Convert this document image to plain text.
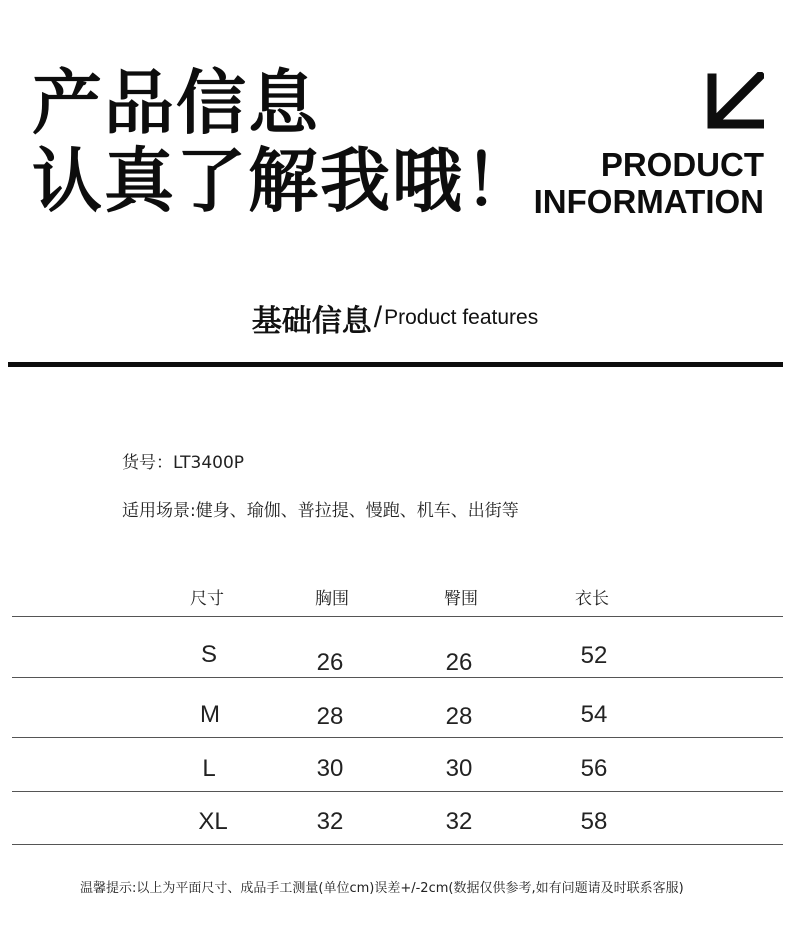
产品信息
认真了解我哦！	PRODUCT
INFORMATION
基础信息/Product features
货号：LT3400P
适用场景:健身、瑜伽、普拉提、慢跑、机车、出街等
尺寸	胸围	臀围	衣长
S	26	26	52
M	28	28	54
L	30	30	56
XL	32	32	58
温馨提示:以上为平面尺寸、成品手工测量(单位cm)误差+/-2cm(数据仅供参考,如有问题请及时联系客服)
